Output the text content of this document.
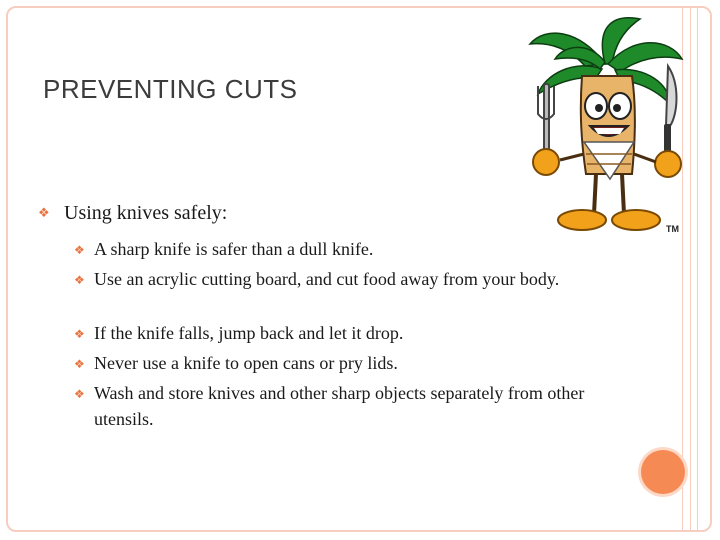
PREVENTING CUTS
TM
❖ Using knives safely:
❖ A sharp knife is safer than a dull knife.
❖ Use an acrylic cutting board, and cut food away from your body.
❖ If the knife falls, jump back and let it drop.
❖ Never use a knife to open cans or pry lids.
❖ Wash and store knives and other sharp objects separately from other utensils.
